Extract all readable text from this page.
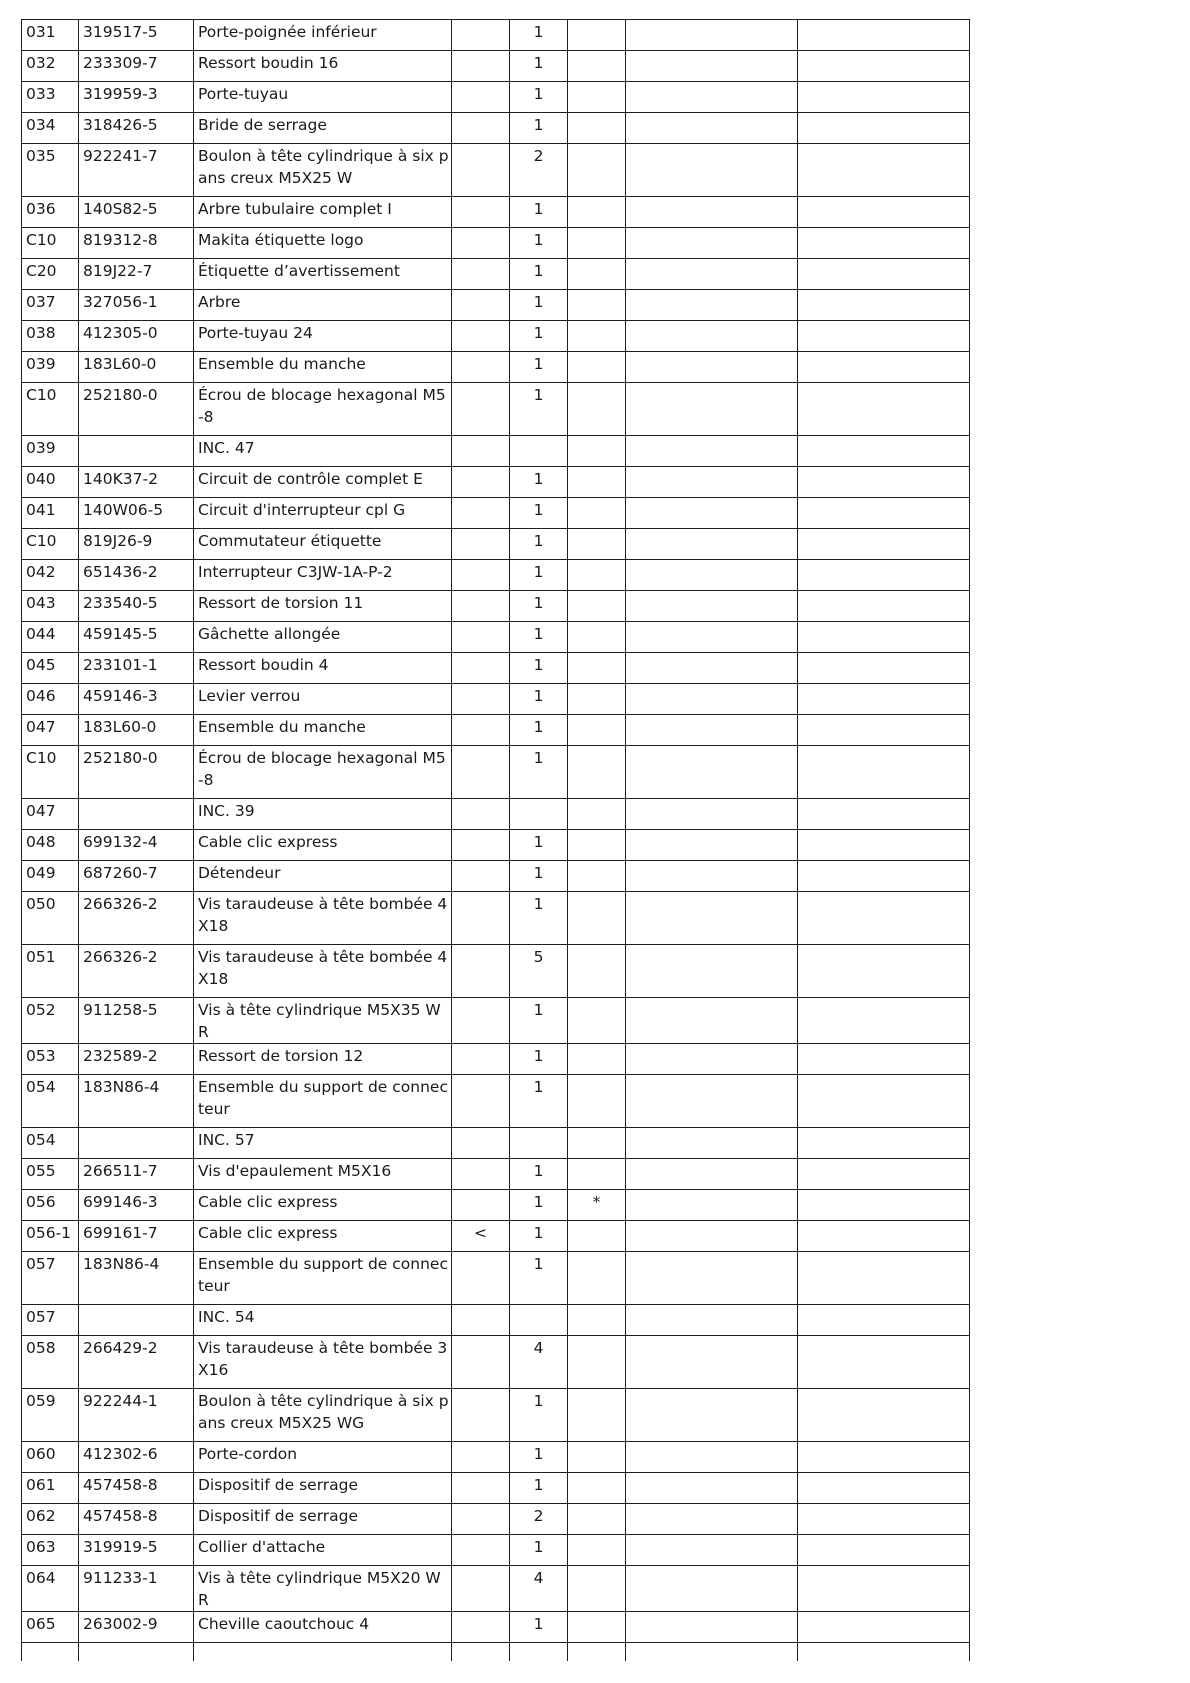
031	319517-5	Porte-poignée inférieur		1			

032	233309-7	Ressort boudin 16		1			

033	319959-3	Porte-tuyau		1			

034	318426-5	Bride de serrage		1			

035	922241-7	Boulon à tête cylindrique à six pans creux M5X25 W		2			

036	140S82-5	Arbre tubulaire complet I		1			

C10	819312-8	Makita étiquette logo		1			

C20	819J22-7	Étiquette d’avertissement		1			

037	327056-1	Arbre		1			

038	412305-0	Porte-tuyau 24		1			

039	183L60-0	Ensemble du manche		1			

C10	252180-0	Écrou de blocage hexagonal M5-8		1			

039		INC. 47					

040	140K37-2	Circuit de contrôle complet E		1			

041	140W06-5	Circuit d'interrupteur cpl G		1			

C10	819J26-9	Commutateur étiquette		1			

042	651436-2	Interrupteur C3JW-1A-P-2		1			

043	233540-5	Ressort de torsion 11		1			

044	459145-5	Gâchette allongée		1			

045	233101-1	Ressort boudin 4		1			

046	459146-3	Levier verrou		1			

047	183L60-0	Ensemble du manche		1			

C10	252180-0	Écrou de blocage hexagonal M5-8		1			

047		INC. 39					

048	699132-4	Cable clic express		1			

049	687260-7	Détendeur		1			

050	266326-2	Vis taraudeuse à tête bombée 4X18		1			

051	266326-2	Vis taraudeuse à tête bombée 4X18		5			

052	911258-5	Vis à tête cylindrique M5X35 WR		1			

053	232589-2	Ressort de torsion 12		1			

054	183N86-4	Ensemble du support de connecteur		1			

054		INC. 57					

055	266511-7	Vis d'epaulement M5X16		1			

056	699146-3	Cable clic express		1	*		

056-1	699161-7	Cable clic express	<	1			

057	183N86-4	Ensemble du support de connecteur		1			

057		INC. 54					

058	266429-2	Vis taraudeuse à tête bombée 3X16		4			

059	922244-1	Boulon à tête cylindrique à six pans creux M5X25 WG		1			

060	412302-6	Porte-cordon		1			

061	457458-8	Dispositif de serrage		1			

062	457458-8	Dispositif de serrage		2			

063	319919-5	Collier d'attache		1			

064	911233-1	Vis à tête cylindrique M5X20 WR		4			

065	263002-9	Cheville caoutchouc 4		1			
